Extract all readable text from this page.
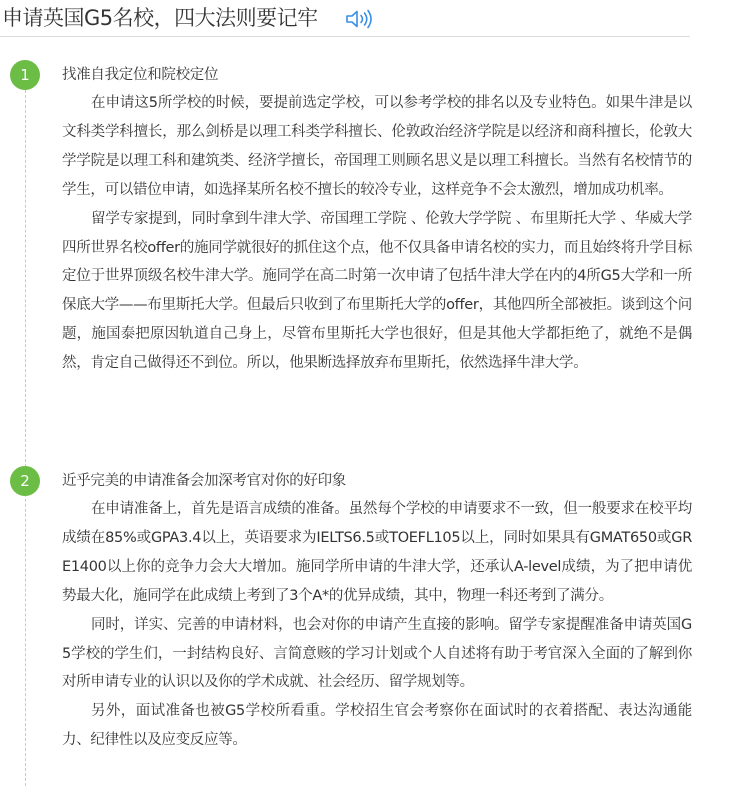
申请英国G5名校，四大法则要记牢
1	找准自我定位和院校定位

在申请这5所学校的时候，要提前选定学校，可以参考学校的排名以及专业特色。如果牛津是以文科类学科擅长，那么剑桥是以理工科类学科擅长、伦敦政治经济学院是以经济和商科擅长，伦敦大学学院是以理工科和建筑类、经济学擅长，帝国理工则顾名思义是以理工科擅长。当然有名校情节的学生，可以错位申请，如选择某所名校不擅长的较冷专业，这样竞争不会太激烈，增加成功机率。

留学专家提到，同时拿到牛津大学、帝国理工学院 、伦敦大学学院 、布里斯托大学 、华威大学四所世界名校offer的施同学就很好的抓住这个点，他不仅具备申请名校的实力，而且始终将升学目标定位于世界顶级名校牛津大学。施同学在高二时第一次申请了包括牛津大学在内的4所G5大学和一所保底大学——布里斯托大学。但最后只收到了布里斯托大学的offer，其他四所全部被拒。谈到这个问题，施国泰把原因轨道自己身上，尽管布里斯托大学也很好，但是其他大学都拒绝了，就绝不是偶然，肯定自己做得还不到位。所以，他果断选择放弃布里斯托，依然选择牛津大学。

2	近乎完美的申请准备会加深考官对你的好印象

在申请准备上，首先是语言成绩的准备。虽然每个学校的申请要求不一致，但一般要求在校平均成绩在85%或GPA3.4以上，英语要求为IELTS6.5或TOEFL105以上，同时如果具有GMAT650或GRE1400以上你的竞争力会大大增加。施同学所申请的牛津大学，还承认A-level成绩，为了把申请优势最大化，施同学在此成绩上考到了3个A*的优异成绩，其中，物理一科还考到了满分。

同时，详实、完善的申请材料，也会对你的申请产生直接的影响。留学专家提醒准备申请英国G5学校的学生们，一封结构良好、言简意赅的学习计划或个人自述将有助于考官深入全面的了解到你对所申请专业的认识以及你的学术成就、社会经历、留学规划等。

另外，面试准备也被G5学校所看重。学校招生官会考察你在面试时的衣着搭配、表达沟通能力、纪律性以及应变反应等。
